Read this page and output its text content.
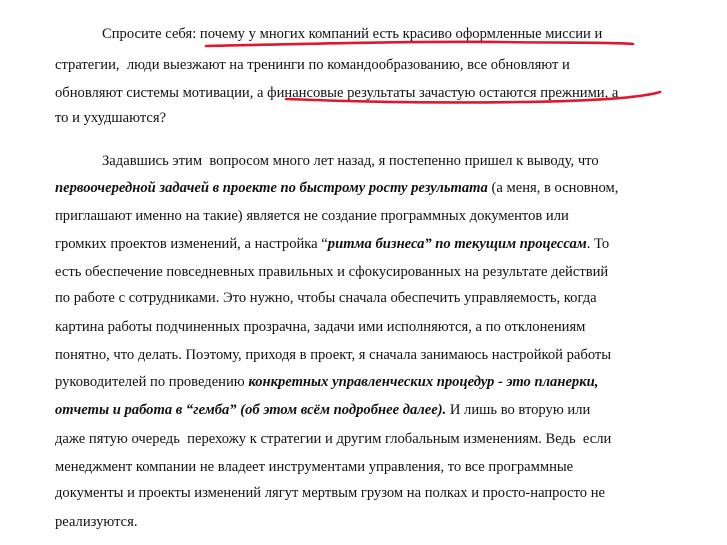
Спросите себя: почему у многих компаний есть красиво оформленные миссии и
стратегии,  люди выезжают на тренинги по командообразованию, все обновляют и
обновляют системы мотивации, а финансовые результаты зачастую остаются прежними, а
то и ухудшаются?
Задавшись этим  вопросом много лет назад, я постепенно пришел к выводу, что
первоочередной задачей в проекте по быстрому росту результата (а меня, в основном,
приглашают именно на такие) является не создание программных документов или
громких проектов изменений, а настройка “ритма бизнеса” по текущим процессам. То
есть обеспечение повседневных правильных и сфокусированных на результате действий
по работе с сотрудниками. Это нужно, чтобы сначала обеспечить управляемость, когда
картина работы подчиненных прозрачна, задачи ими исполняются, а по отклонениям
понятно, что делать. Поэтому, приходя в проект, я сначала занимаюсь настройкой работы
руководителей по проведению конкретных управленческих процедур - это планерки,
отчеты и работа в “гемба” (об этом всём подробнее далее). И лишь во вторую или
даже пятую очередь  перехожу к стратегии и другим глобальным изменениям. Ведь  если
менеджмент компании не владеет инструментами управления, то все программные
документы и проекты изменений лягут мертвым грузом на полках и просто-напросто не
реализуются.
